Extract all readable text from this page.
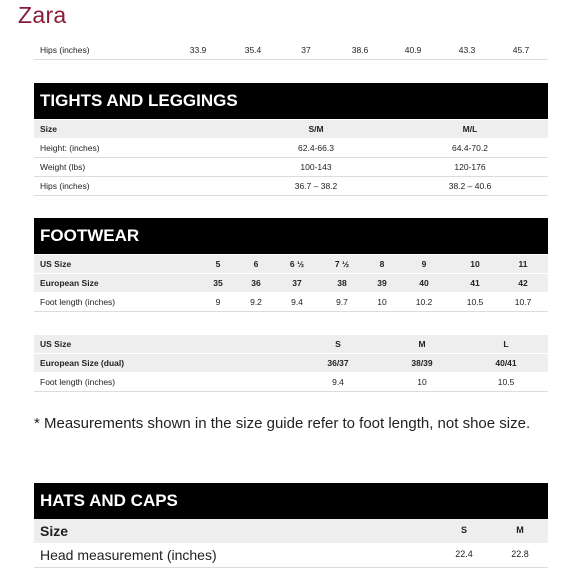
Zara
Hips (inches)	33.9	35.4	37	38.6	40.9	43.3	45.7
TIGHTS AND LEGGINGS
Size	S/M	M/L
Height: (inches)	62.4-66.3	64.4-70.2
Weight (lbs)	100-143	120-176
Hips (inches)	36.7 – 38.2	38.2 – 40.6
FOOTWEAR
US Size	5	6	6 ½	7 ½	8	9	10	11
European Size	35	36	37	38	39	40	41	42
Foot length (inches)	9	9.2	9.4	9.7	10	10.2	10.5	10.7
US Size	S	M	L
European Size (dual)	36/37	38/39	40/41
Foot length (inches)	9.4	10	10.5
* Measurements shown in the size guide refer to foot length, not shoe size.
HATS AND CAPS
Size	S	M
Head measurement (inches)	22.4	22.8
